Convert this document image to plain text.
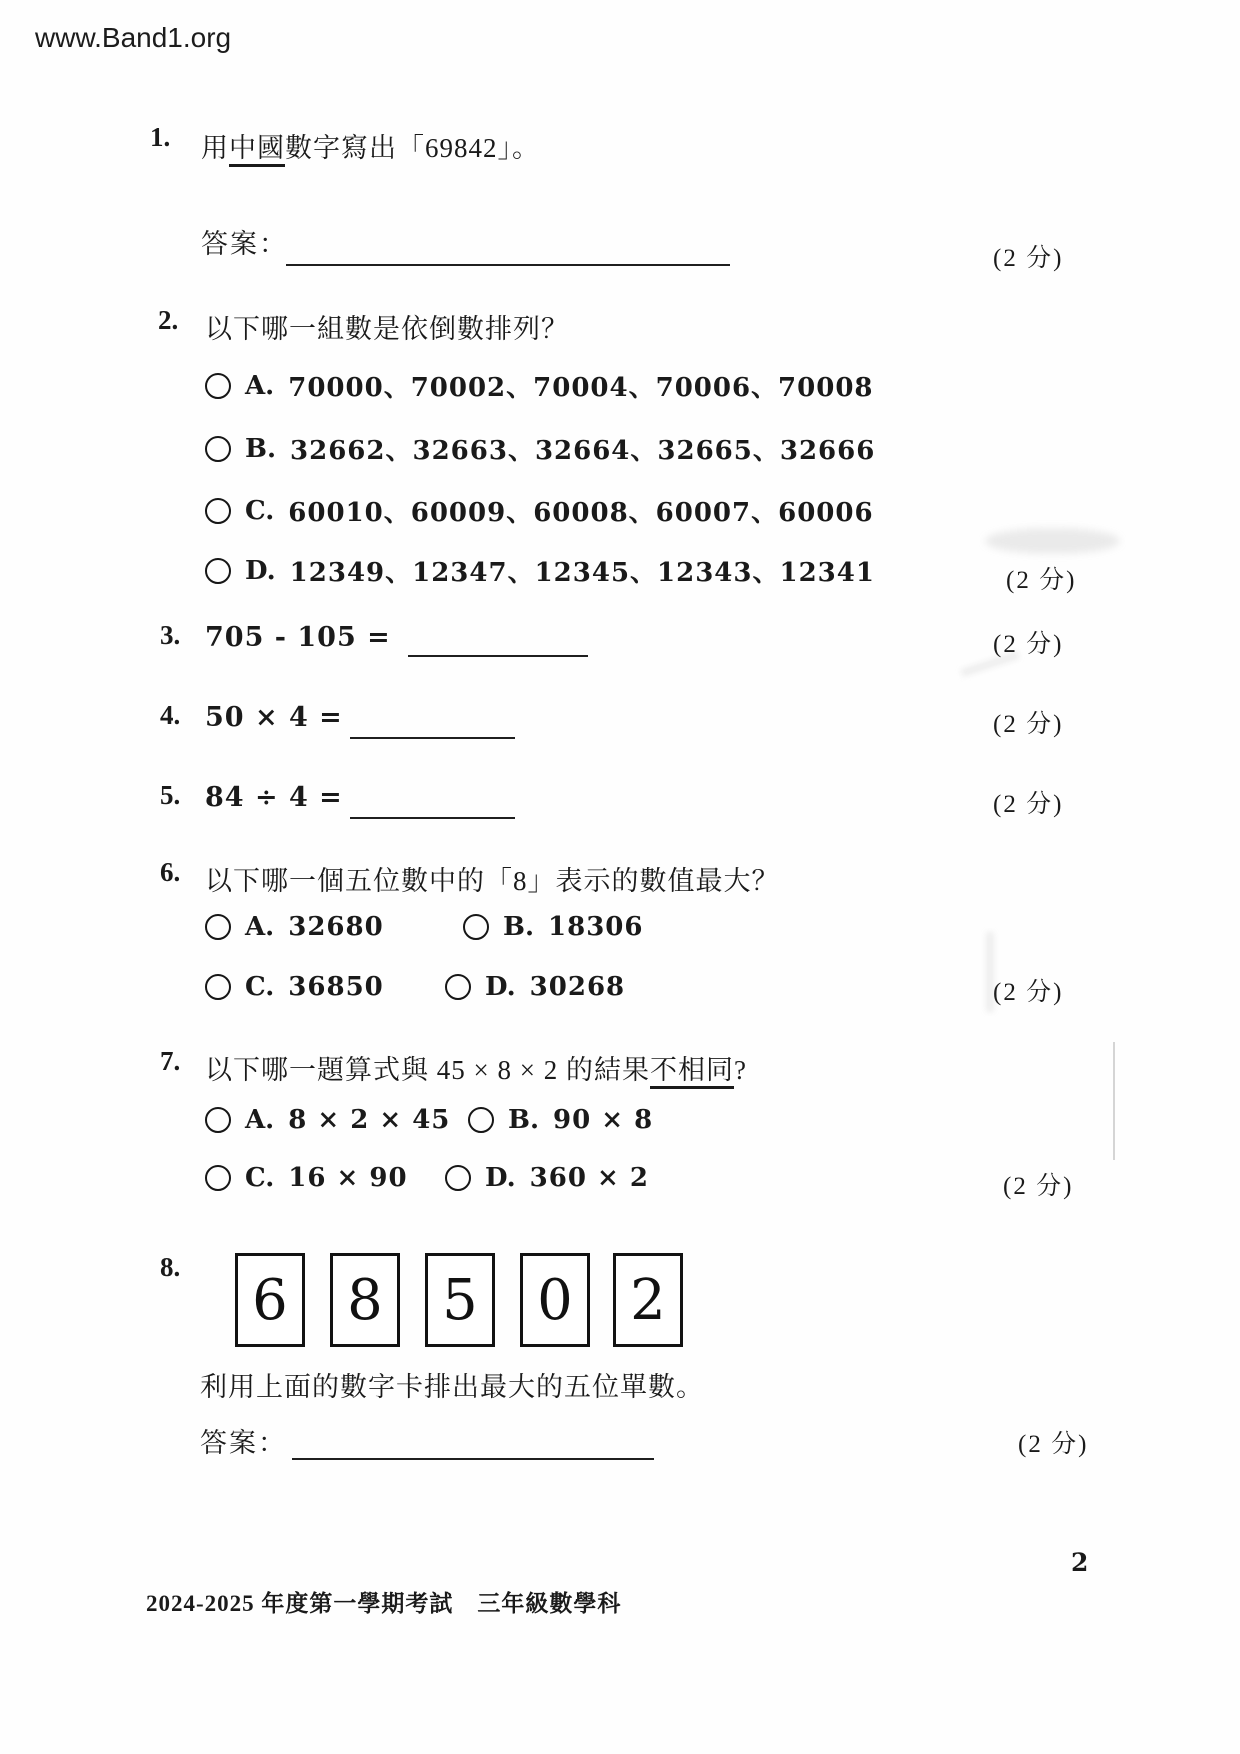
www.Band1.org
1. 用中國數字寫出「69842」。
答案：	(2 分)
2. 以下哪一組數是依倒數排列？
A. 70000、70002、70004、70006、70008
B. 32662、32663、32664、32665、32666
C. 60010、60009、60008、60007、60006
D. 12349、12347、12345、12343、12341	(2 分)
3. 705 - 105 =	(2 分)
4. 50 × 4 =	(2 分)
5. 84 ÷ 4 =	(2 分)
6. 以下哪一個五位數中的「8」表示的數值最大？
A. 32680	B. 18306
C. 36850	D. 30268	(2 分)
7. 以下哪一題算式與 45 × 8 × 2 的結果不相同?
A. 8 × 2 × 45 B. 90 × 8
C. 16 × 90	D. 360 × 2	(2 分)
8.
6	8	5	0	2
利用上面的數字卡排出最大的五位單數。
答案：	(2 分)
2
2024-2025 年度第一學期考試　三年級數學科
